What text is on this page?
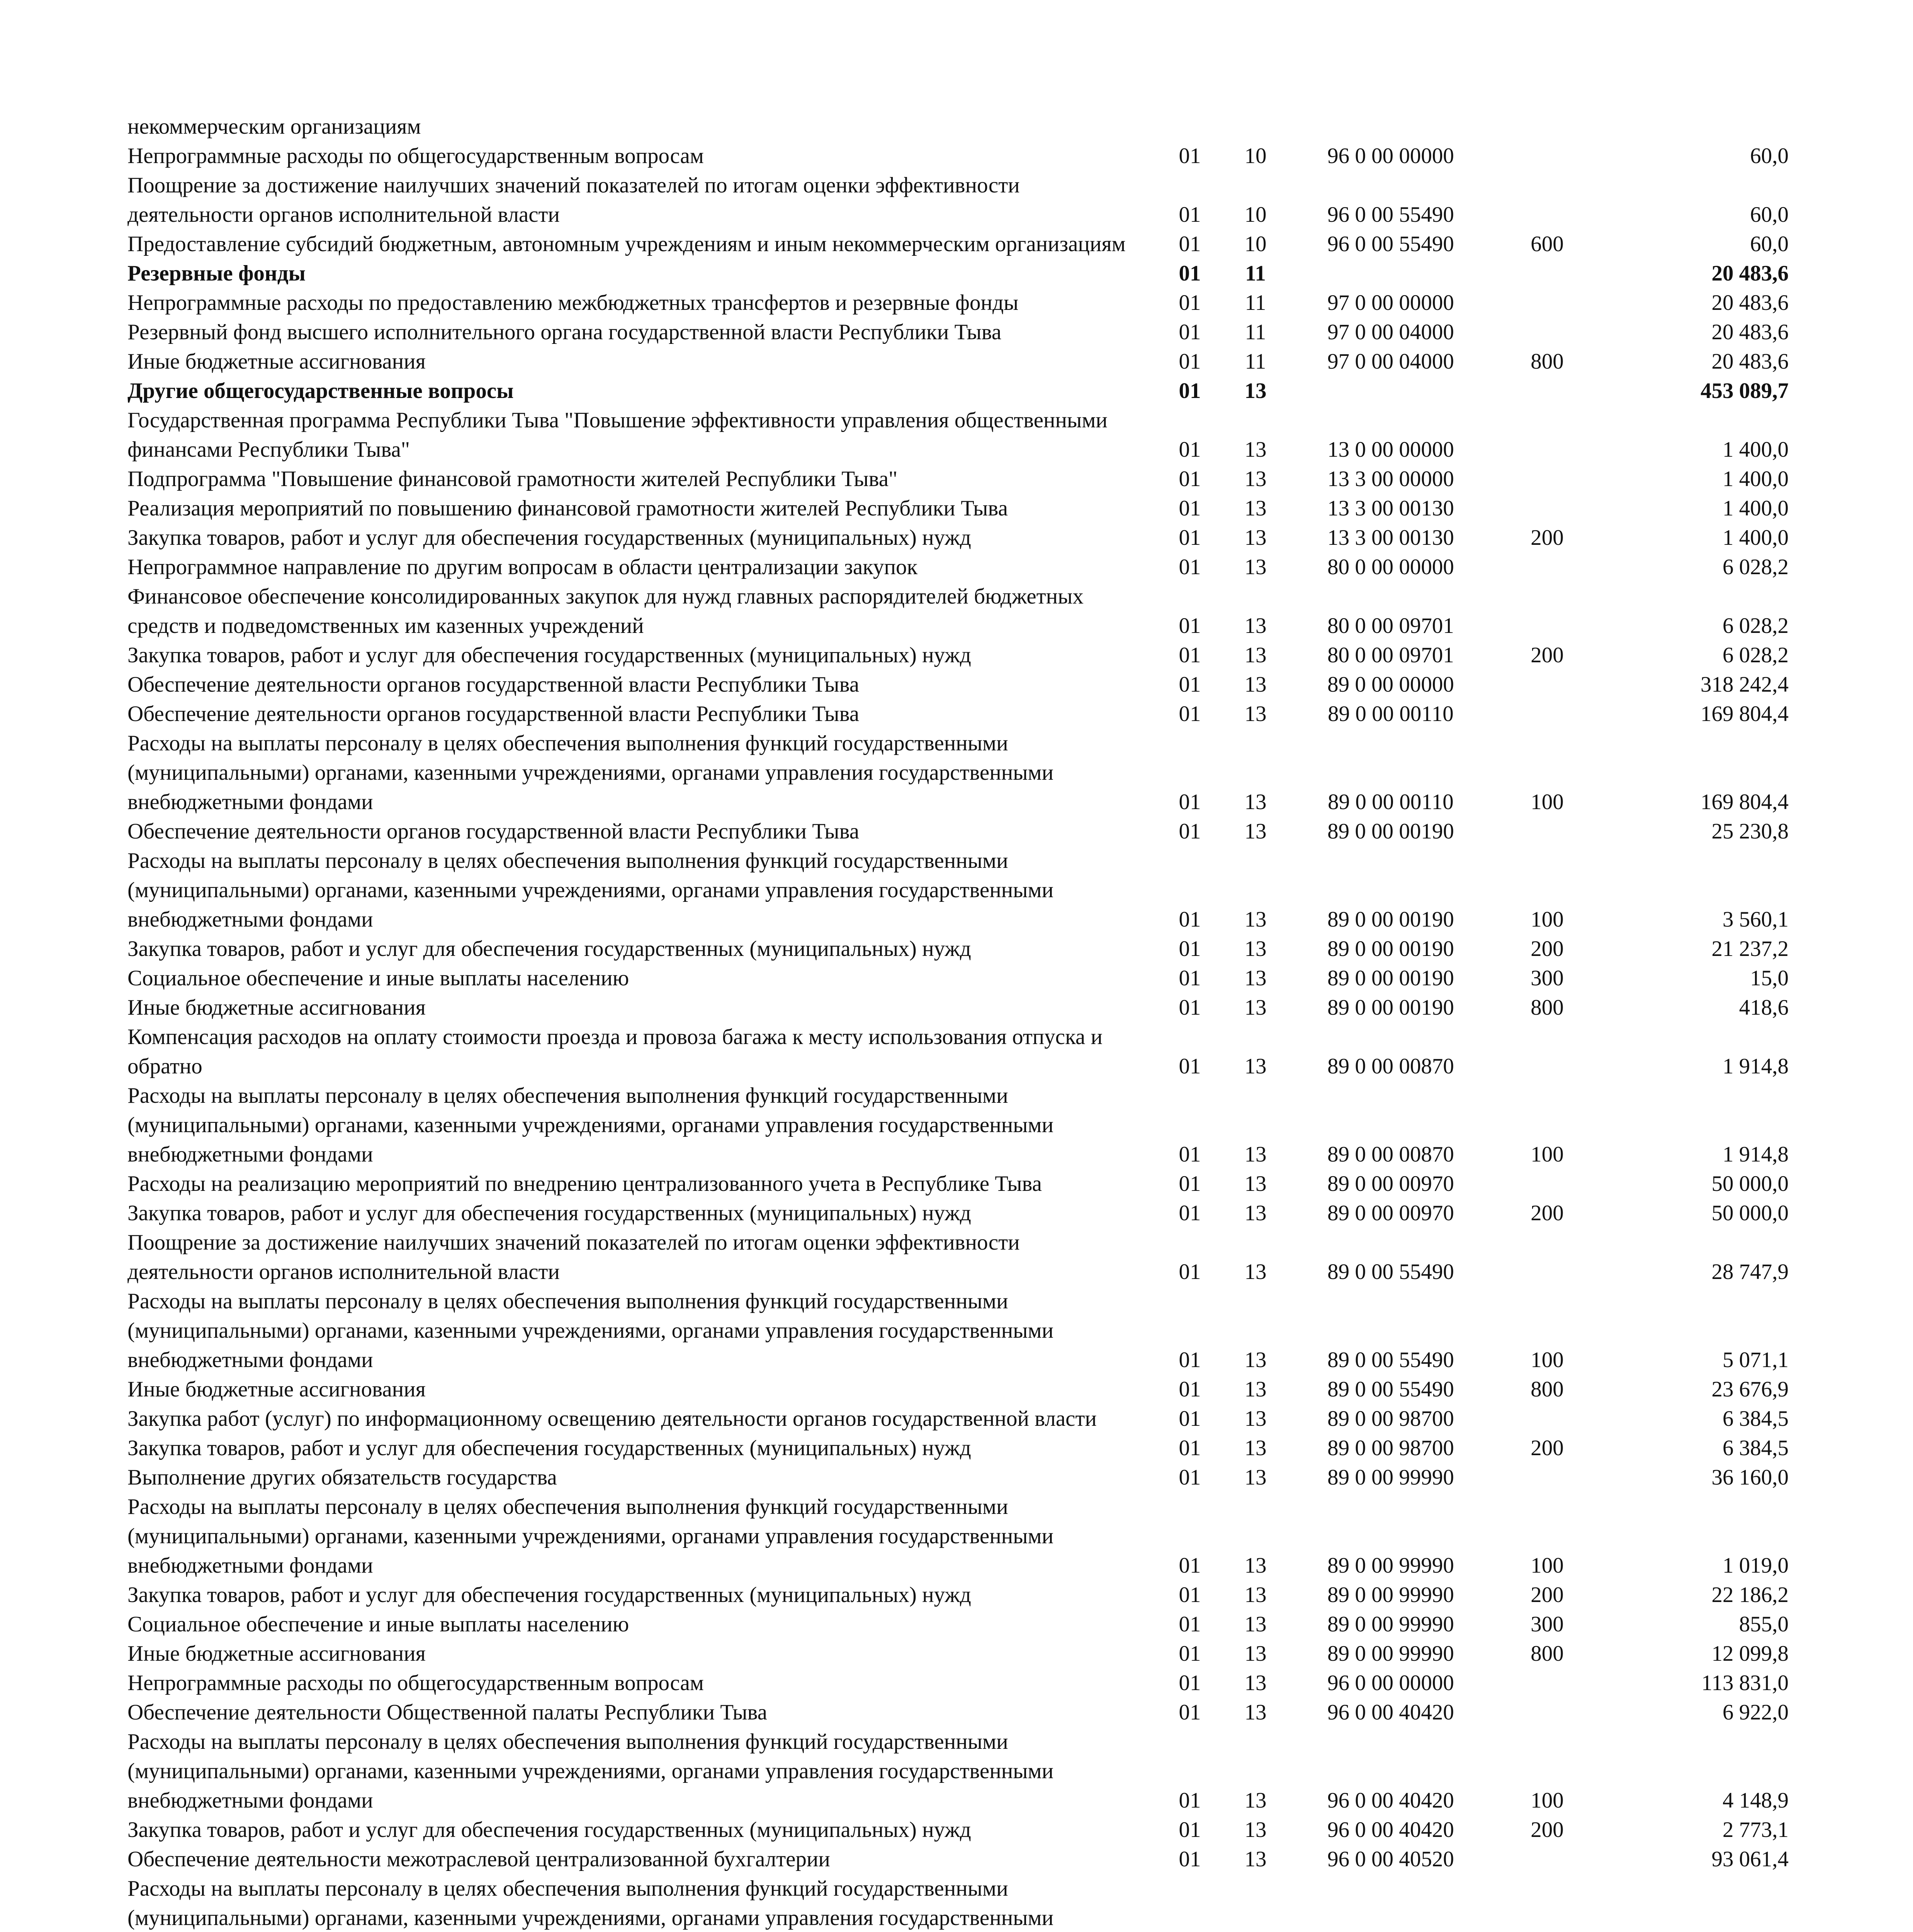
некоммерческим организациям					
Непрограммные расходы по общегосударственным вопросам	01	10	96 0 00 00000		60,0
Поощрение за достижение наилучших значений показателей по итогам оценки эффективности деятельности органов исполнительной власти	01	10	96 0 00 55490		60,0
Предоставление субсидий бюджетным, автономным учреждениям и иным некоммерческим организациям	01	10	96 0 00 55490	600	60,0
Резервные фонды	01	11			20 483,6
Непрограммные расходы по предоставлению межбюджетных трансфертов и резервные фонды	01	11	97 0 00 00000		20 483,6
Резервный фонд высшего исполнительного органа государственной власти Республики Тыва	01	11	97 0 00 04000		20 483,6
Иные бюджетные ассигнования	01	11	97 0 00 04000	800	20 483,6
Другие общегосударственные вопросы	01	13			453 089,7
Государственная программа Республики Тыва "Повышение эффективности управления общественными финансами Республики Тыва"	01	13	13 0 00 00000		1 400,0
Подпрограмма "Повышение финансовой грамотности жителей Республики Тыва"	01	13	13 3 00 00000		1 400,0
Реализация мероприятий по повышению финансовой грамотности жителей Республики Тыва	01	13	13 3 00 00130		1 400,0
Закупка товаров, работ и услуг для обеспечения государственных (муниципальных) нужд	01	13	13 3 00 00130	200	1 400,0
Непрограммное направление по другим вопросам в области централизации закупок	01	13	80 0 00 00000		6 028,2
Финансовое обеспечение консолидированных закупок для нужд главных распорядителей бюджетных средств и подведомственных им казенных учреждений	01	13	80 0 00 09701		6 028,2
Закупка товаров, работ и услуг для обеспечения государственных (муниципальных) нужд	01	13	80 0 00 09701	200	6 028,2
Обеспечение деятельности органов государственной власти Республики Тыва	01	13	89 0 00 00000		318 242,4
Обеспечение деятельности органов государственной власти Республики Тыва	01	13	89 0 00 00110		169 804,4
Расходы на выплаты персоналу в целях обеспечения выполнения функций государственными (муниципальными) органами, казенными учреждениями, органами управления государственными внебюджетными фондами	01	13	89 0 00 00110	100	169 804,4
Обеспечение деятельности органов государственной власти Республики Тыва	01	13	89 0 00 00190		25 230,8
Расходы на выплаты персоналу в целях обеспечения выполнения функций государственными (муниципальными) органами, казенными учреждениями, органами управления государственными внебюджетными фондами	01	13	89 0 00 00190	100	3 560,1
Закупка товаров, работ и услуг для обеспечения государственных (муниципальных) нужд	01	13	89 0 00 00190	200	21 237,2
Социальное обеспечение и иные выплаты населению	01	13	89 0 00 00190	300	15,0
Иные бюджетные ассигнования	01	13	89 0 00 00190	800	418,6
Компенсация расходов на оплату стоимости проезда и провоза багажа к месту использования отпуска и обратно	01	13	89 0 00 00870		1 914,8
Расходы на выплаты персоналу в целях обеспечения выполнения функций государственными (муниципальными) органами, казенными учреждениями, органами управления государственными внебюджетными фондами	01	13	89 0 00 00870	100	1 914,8
Расходы на реализацию мероприятий по внедрению централизованного учета в Республике Тыва	01	13	89 0 00 00970		50 000,0
Закупка товаров, работ и услуг для обеспечения государственных (муниципальных) нужд	01	13	89 0 00 00970	200	50 000,0
Поощрение за достижение наилучших значений показателей по итогам оценки эффективности деятельности органов исполнительной власти	01	13	89 0 00 55490		28 747,9
Расходы на выплаты персоналу в целях обеспечения выполнения функций государственными (муниципальными) органами, казенными учреждениями, органами управления государственными внебюджетными фондами	01	13	89 0 00 55490	100	5 071,1
Иные бюджетные ассигнования	01	13	89 0 00 55490	800	23 676,9
Закупка работ (услуг) по информационному освещению деятельности органов государственной власти	01	13	89 0 00 98700		6 384,5
Закупка товаров, работ и услуг для обеспечения государственных (муниципальных) нужд	01	13	89 0 00 98700	200	6 384,5
Выполнение других обязательств государства	01	13	89 0 00 99990		36 160,0
Расходы на выплаты персоналу в целях обеспечения выполнения функций государственными (муниципальными) органами, казенными учреждениями, органами управления государственными внебюджетными фондами	01	13	89 0 00 99990	100	1 019,0
Закупка товаров, работ и услуг для обеспечения государственных (муниципальных) нужд	01	13	89 0 00 99990	200	22 186,2
Социальное обеспечение и иные выплаты населению	01	13	89 0 00 99990	300	855,0
Иные бюджетные ассигнования	01	13	89 0 00 99990	800	12 099,8
Непрограммные расходы по общегосударственным вопросам	01	13	96 0 00 00000		113 831,0
Обеспечение деятельности Общественной палаты Республики Тыва	01	13	96 0 00 40420		6 922,0
Расходы на выплаты персоналу в целях обеспечения выполнения функций государственными (муниципальными) органами, казенными учреждениями, органами управления государственными внебюджетными фондами	01	13	96 0 00 40420	100	4 148,9
Закупка товаров, работ и услуг для обеспечения государственных (муниципальных) нужд	01	13	96 0 00 40420	200	2 773,1
Обеспечение деятельности межотраслевой централизованной бухгалтерии	01	13	96 0 00 40520		93 061,4
Расходы на выплаты персоналу в целях обеспечения выполнения функций государственными (муниципальными) органами, казенными учреждениями, органами управления государственными					
